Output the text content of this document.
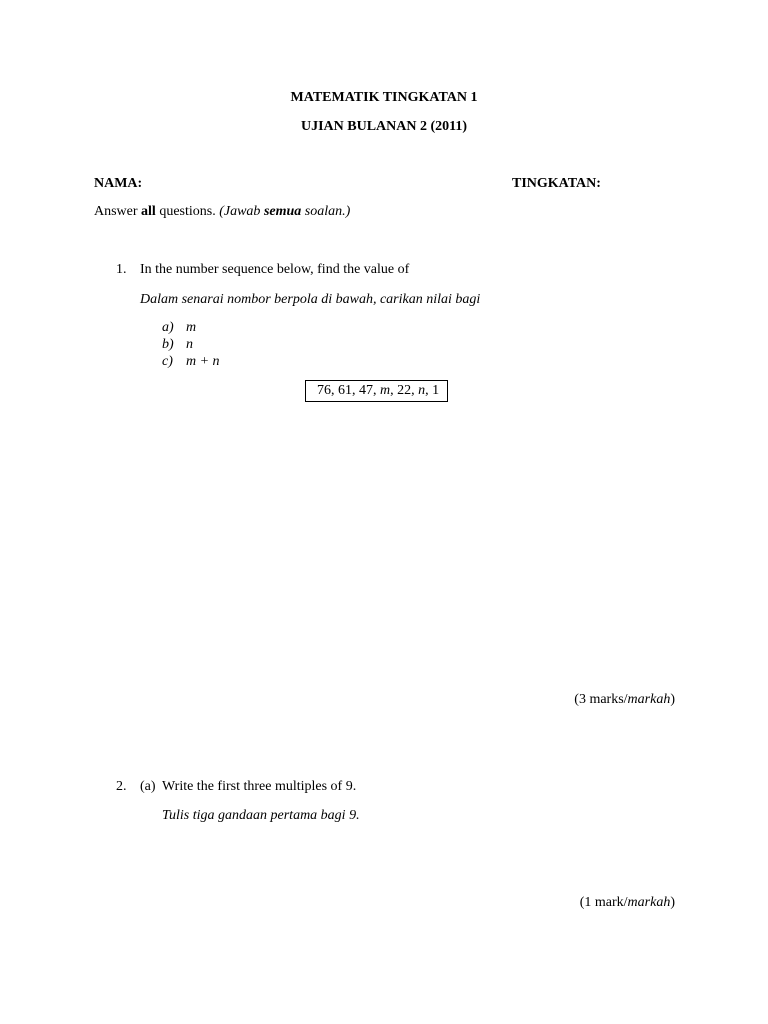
MATEMATIK TINGKATAN 1
UJIAN BULANAN 2 (2011)
NAMA:	TINGKATAN:
Answer all questions. (Jawab semua soalan.)
1. In the number sequence below, find the value of
Dalam senarai nombor berpola di bawah, carikan nilai bagi
a) m
b) n
c) m + n
76, 61, 47, m, 22, n, 1
(3 marks/markah)
2. (a) Write the first three multiples of 9.
Tulis tiga gandaan pertama bagi 9.
(1 mark/markah)
